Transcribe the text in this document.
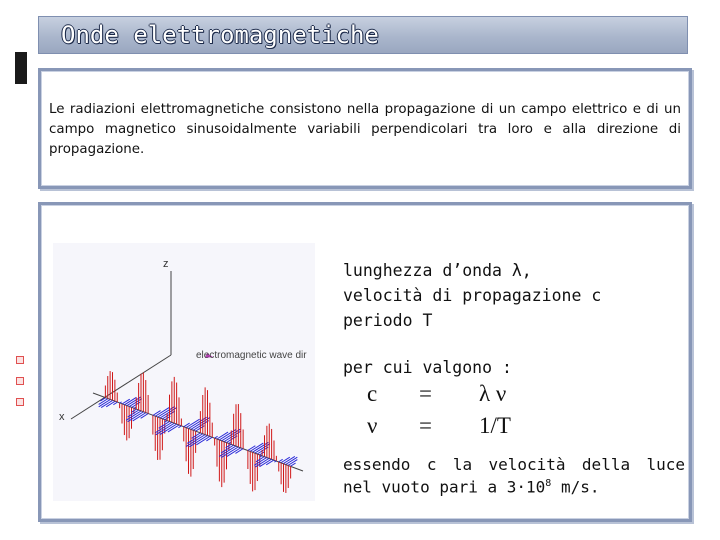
Onde elettromagnetiche
Le radiazioni elettromagnetiche consistono nella propagazione di un campo elettrico e di un campo magnetico sinusoidalmente variabili perpendicolari tra loro e alla direzione di propagazione.
z
x
electromagnetic wave dir
lunghezza d’onda λ,
velocità di propagazione c
periodo T
per cui valgono :
c = λ ν
ν = 1/T
essendo c la velocità della luce nel vuoto pari a $3\cdot 10^8$ m/s.
